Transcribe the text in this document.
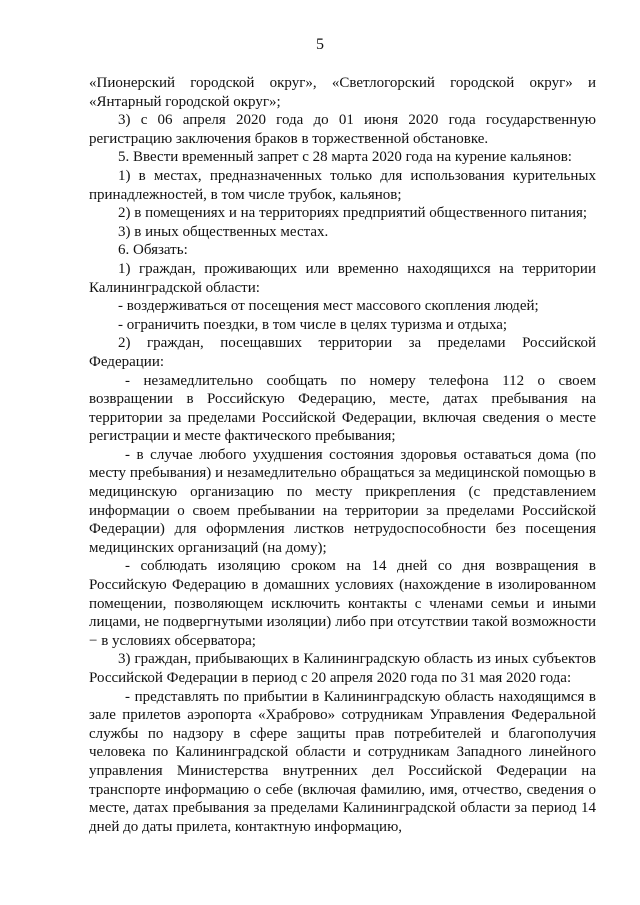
5

«Пионерский городской округ», «Светлогорский городской округ» и «Янтарный городской округ»;

3) с 06 апреля 2020 года до 01 июня 2020 года государственную регистрацию заключения браков в торжественной обстановке.

5. Ввести временный запрет с 28 марта 2020 года на курение кальянов:

1) в местах, предназначенных только для использования курительных принадлежностей, в том числе трубок, кальянов;

2) в помещениях и на территориях предприятий общественного питания;

3) в иных общественных местах.

6. Обязать:

1) граждан, проживающих или временно находящихся на территории Калининградской области:

- воздерживаться от посещения мест массового скопления людей;

- ограничить поездки, в том числе в целях туризма и отдыха;

2) граждан, посещавших территории за пределами Российской Федерации:

- незамедлительно сообщать по номеру телефона 112 о своем возвращении в Российскую Федерацию, месте, датах пребывания на территории за пределами Российской Федерации, включая сведения о месте регистрации и месте фактического пребывания;

- в случае любого ухудшения состояния здоровья оставаться дома (по месту пребывания) и незамедлительно обращаться за медицинской помощью в медицинскую организацию по месту прикрепления (с представлением информации о своем пребывании на территории за пределами Российской Федерации) для оформления листков нетрудоспособности без посещения медицинских организаций (на дому);

- соблюдать изоляцию сроком на 14 дней со дня возвращения в Российскую Федерацию в домашних условиях (нахождение в изолированном помещении, позволяющем исключить контакты с членами семьи и иными лицами, не подвергнутыми изоляции) либо при отсутствии такой возможности − в условиях обсерватора;

3) граждан, прибывающих в Калининградскую область из иных субъектов Российской Федерации в период с 20 апреля 2020 года по 31 мая 2020 года:

- представлять по прибытии в Калининградскую область находящимся в зале прилетов аэропорта «Храброво» сотрудникам Управления Федеральной службы по надзору в сфере защиты прав потребителей и благополучия человека по Калининградской области и сотрудникам Западного линейного управления Министерства внутренних дел Российской Федерации на транспорте информацию о себе (включая фамилию, имя, отчество, сведения о месте, датах пребывания за пределами Калининградской области за период 14 дней до даты прилета, контактную информацию,
